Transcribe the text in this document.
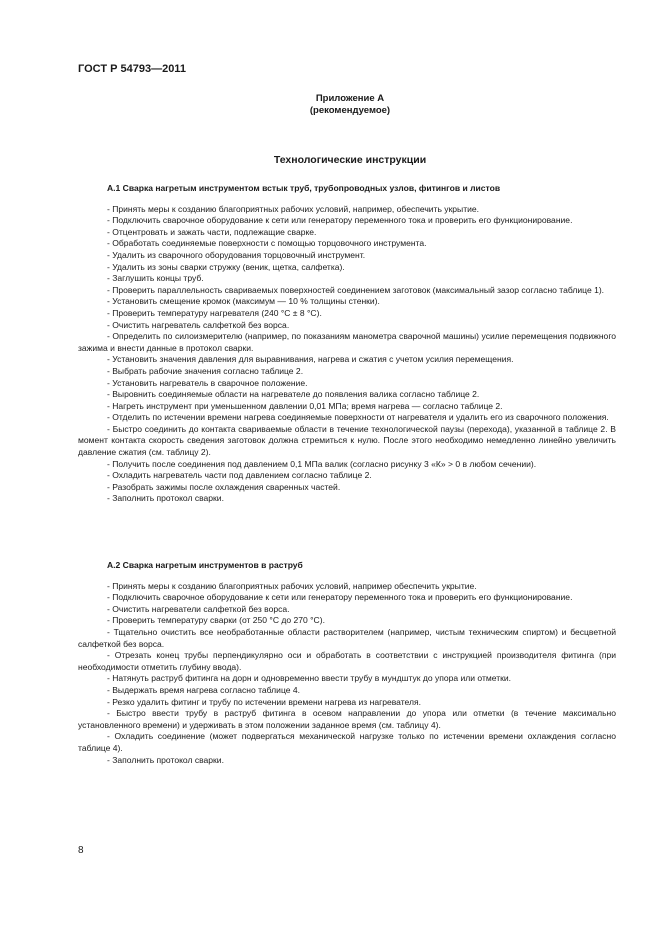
ГОСТ Р 54793—2011
Приложение А
(рекомендуемое)
Технологические инструкции

А.1 Сварка нагретым инструментом встык труб, трубопроводных узлов, фитингов и листов

- Принять меры к созданию благоприятных рабочих условий, например, обеспечить укрытие.

- Подключить сварочное оборудование к сети или генератору переменного тока и проверить его функционирование.

- Отцентровать и зажать части, подлежащие сварке.

- Обработать соединяемые поверхности с помощью торцовочного инструмента.

- Удалить из сварочного оборудования торцовочный инструмент.

- Удалить из зоны сварки стружку (веник, щетка, салфетка).

- Заглушить концы труб.

- Проверить параллельность свариваемых поверхностей соединением заготовок (максимальный зазор согласно таблице 1).

- Установить смещение кромок (максимум — 10 % толщины стенки).

- Проверить температуру нагревателя (240 °С ± 8 °С).

- Очистить нагреватель салфеткой без ворса.

- Определить по силоизмерителю (например, по показаниям манометра сварочной машины) усилие перемещения подвижного зажима и внести данные в протокол сварки.

- Установить значения давления для выравнивания, нагрева и сжатия с учетом усилия перемещения.

- Выбрать рабочие значения согласно таблице 2.

- Установить нагреватель в сварочное положение.

- Выровнить соединяемые области на нагревателе до появления валика согласно таблице 2.

- Нагреть инструмент при уменьшенном давлении 0,01 МПа; время нагрева — согласно таблице 2.

- Отделить по истечении времени нагрева соединяемые поверхности от нагревателя и удалить его из сварочного положения.

- Быстро соединить до контакта свариваемые области в течение технологической паузы (перехода), указанной в таблице 2. В момент контакта скорость сведения заготовок должна стремиться к нулю. После этого необходимо немедленно линейно увеличить давление сжатия (см. таблицу 2).

- Получить после соединения под давлением 0,1 МПа валик (согласно рисунку 3 «К» > 0 в любом сечении).

- Охладить нагреватель части под давлением согласно таблице 2.

- Разобрать зажимы после охлаждения сваренных частей.

- Заполнить протокол сварки.

А.2 Сварка нагретым инструментов в раструб

- Принять меры к созданию благоприятных рабочих условий, например обеспечить укрытие.

- Подключить сварочное оборудование к сети или генератору переменного тока и проверить его функционирование.

- Очистить нагреватели салфеткой без ворса.

- Проверить температуру сварки (от 250 °С до 270 °С).

- Тщательно очистить все необработанные области растворителем (например, чистым техническим спиртом) и бесцветной салфеткой без ворса.

- Отрезать конец трубы перпендикулярно оси и обработать в соответствии с инструкцией производителя фитинга (при необходимости отметить глубину ввода).

- Натянуть раструб фитинга на дорн и одновременно ввести трубу в мундштук до упора или отметки.

- Выдержать время нагрева согласно таблице 4.

- Резко удалить фитинг и трубу по истечении времени нагрева из нагревателя.

- Быстро ввести трубу в раструб фитинга в осевом направлении до упора или отметки (в течение максимально установленного времени) и удерживать в этом положении заданное время (см. таблицу 4).

- Охладить соединение (может подвергаться механической нагрузке только по истечении времени охлаждения согласно таблице 4).

- Заполнить протокол сварки.

8
